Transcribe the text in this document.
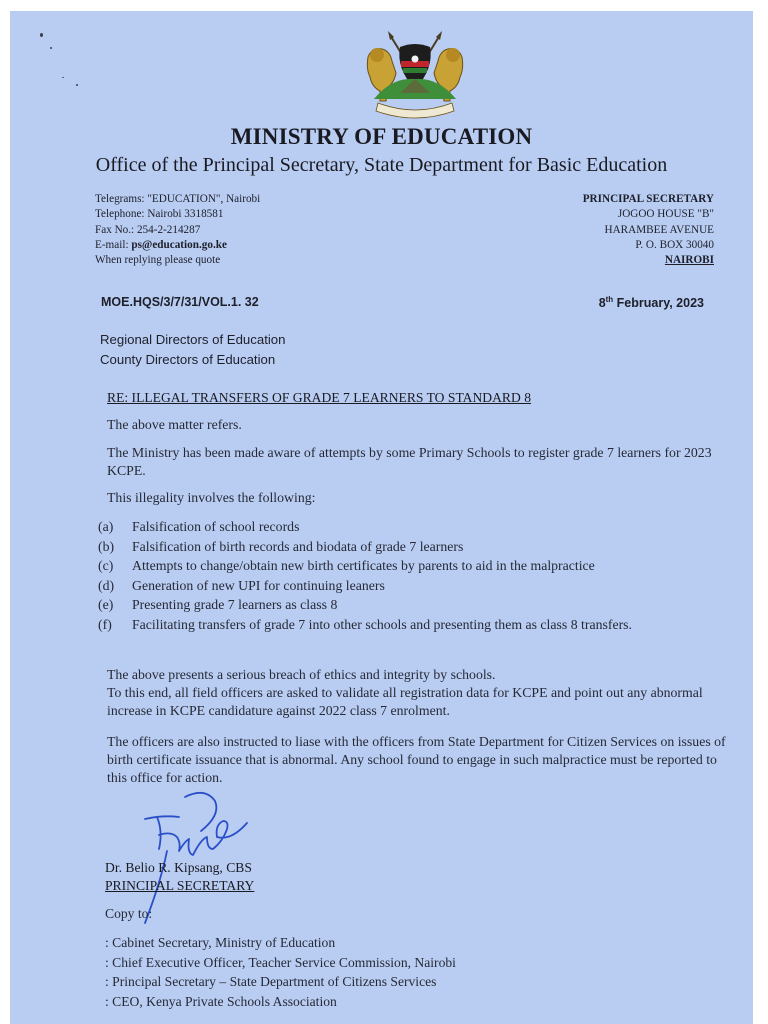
MINISTRY OF EDUCATION
Office of the Principal Secretary, State Department for Basic Education
Telegrams: "EDUCATION", Nairobi
Telephone: Nairobi 3318581
Fax No.: 254-2-214287
E-mail: ps@education.go.ke
When replying please quote
PRINCIPAL SECRETARY
JOGOO HOUSE "B"
HARAMBEE AVENUE
P. O. BOX 30040
NAIROBI
MOE.HQS/3/7/31/VOL.1. 32	8th February, 2023
Regional Directors of Education
County Directors of Education
RE: ILLEGAL TRANSFERS OF GRADE 7 LEARNERS TO STANDARD 8
The above matter refers.
The Ministry has been made aware of attempts by some Primary Schools to register grade 7 learners for 2023 KCPE.
This illegality involves the following:
(a)	Falsification of school records
(b)	Falsification of birth records and biodata of grade 7 learners
(c)	Attempts to change/obtain new birth certificates by parents to aid in the malpractice
(d)	Generation of new UPI for continuing leaners
(e)	Presenting grade 7 learners as class 8
(f)	Facilitating transfers of grade 7 into other schools and presenting them as class 8 transfers.
The above presents a serious breach of ethics and integrity by schools.
To this end, all field officers are asked to validate all registration data for KCPE and point out any abnormal increase in KCPE candidature against 2022 class 7 enrolment.
The officers are also instructed to liase with the officers from State Department for Citizen Services on issues of birth certificate issuance that is abnormal. Any school found to engage in such malpractice must be reported to this office for action.
Dr. Belio R. Kipsang, CBS
PRINCIPAL SECRETARY
Copy to:
: Cabinet Secretary, Ministry of Education
: Chief Executive Officer, Teacher Service Commission, Nairobi
: Principal Secretary – State Department of Citizens Services
: CEO, Kenya Private Schools Association
